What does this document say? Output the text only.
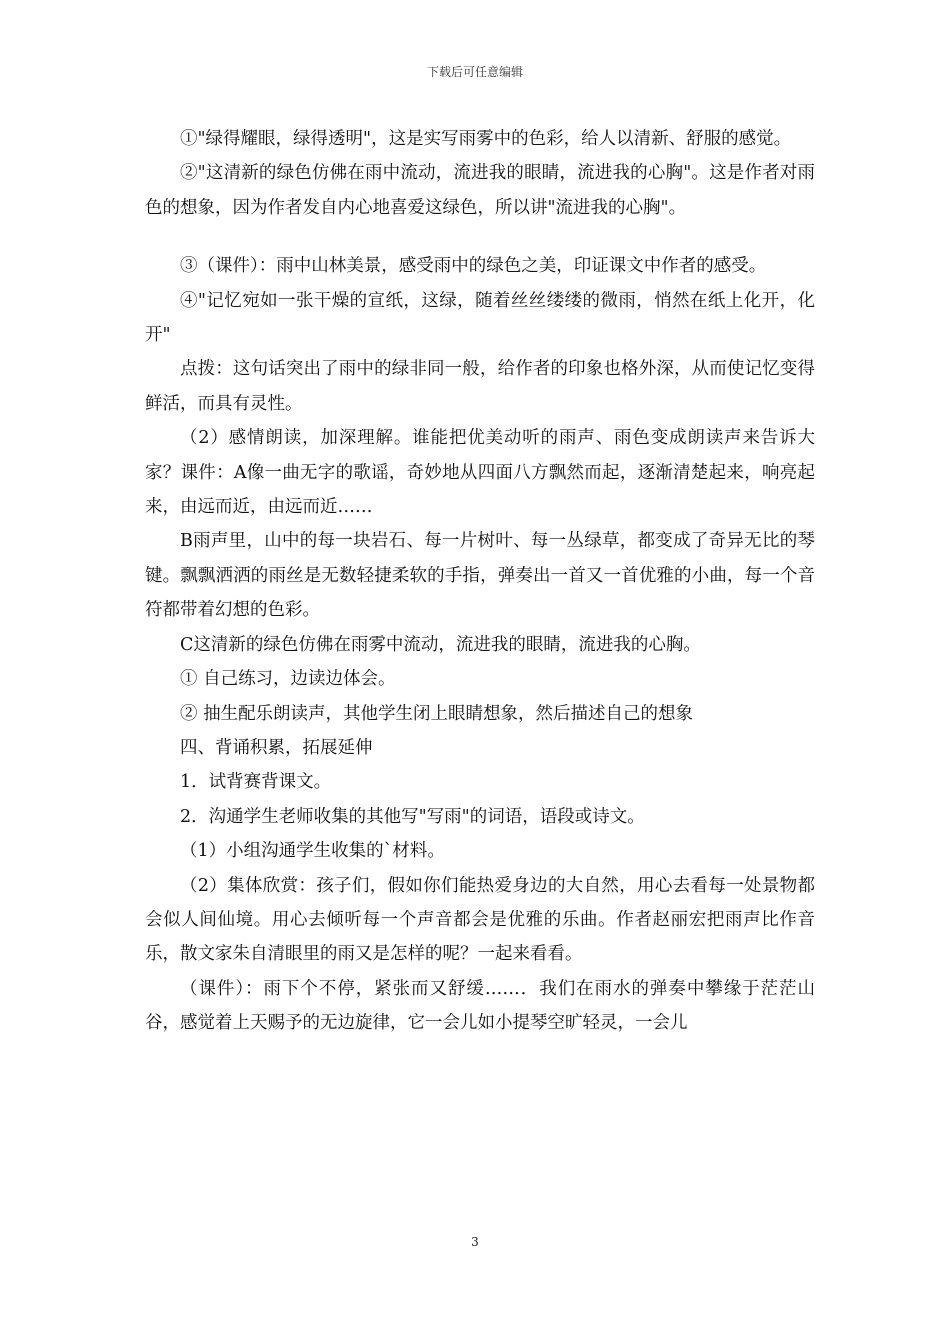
下载后可任意编辑

①"绿得耀眼，绿得透明"，这是实写雨雾中的色彩，给人以清新、舒服的感觉。

②"这清新的绿色仿佛在雨中流动，流进我的眼睛，流进我的心胸"。这是作者对雨色的想象，因为作者发自内心地喜爱这绿色，所以讲"流进我的心胸"。

③（课件）：雨中山林美景，感受雨中的绿色之美，印证课文中作者的感受。

④"记忆宛如一张干燥的宣纸，这绿，随着丝丝缕缕的微雨，悄然在纸上化开，化开"

点拨：这句话突出了雨中的绿非同一般，给作者的印象也格外深，从而使记忆变得鲜活，而具有灵性。

（2）感情朗读，加深理解。谁能把优美动听的雨声、雨色变成朗读声来告诉大家？课件：A像一曲无字的歌谣，奇妙地从四面八方飘然而起，逐渐清楚起来，响亮起来，由远而近，由远而近……

B雨声里，山中的每一块岩石、每一片树叶、每一丛绿草，都变成了奇异无比的琴键。飘飘洒洒的雨丝是无数轻捷柔软的手指，弹奏出一首又一首优雅的小曲，每一个音符都带着幻想的色彩。

C这清新的绿色仿佛在雨雾中流动，流进我的眼睛，流进我的心胸。

① 自己练习，边读边体会。

② 抽生配乐朗读声，其他学生闭上眼睛想象，然后描述自己的想象

四、背诵积累，拓展延伸

1．试背赛背课文。

2．沟通学生老师收集的其他写"写雨"的词语，语段或诗文。

（1）小组沟通学生收集的`材料。

（2）集体欣赏：孩子们，假如你们能热爱身边的大自然，用心去看每一处景物都会似人间仙境。用心去倾听每一个声音都会是优雅的乐曲。作者赵丽宏把雨声比作音乐，散文家朱自清眼里的雨又是怎样的呢？一起来看看。

（课件）：雨下个不停，紧张而又舒缓……．我们在雨水的弹奏中攀缘于茫茫山谷，感觉着上天赐予的无边旋律，它一会儿如小提琴空旷轻灵，一会儿

3
